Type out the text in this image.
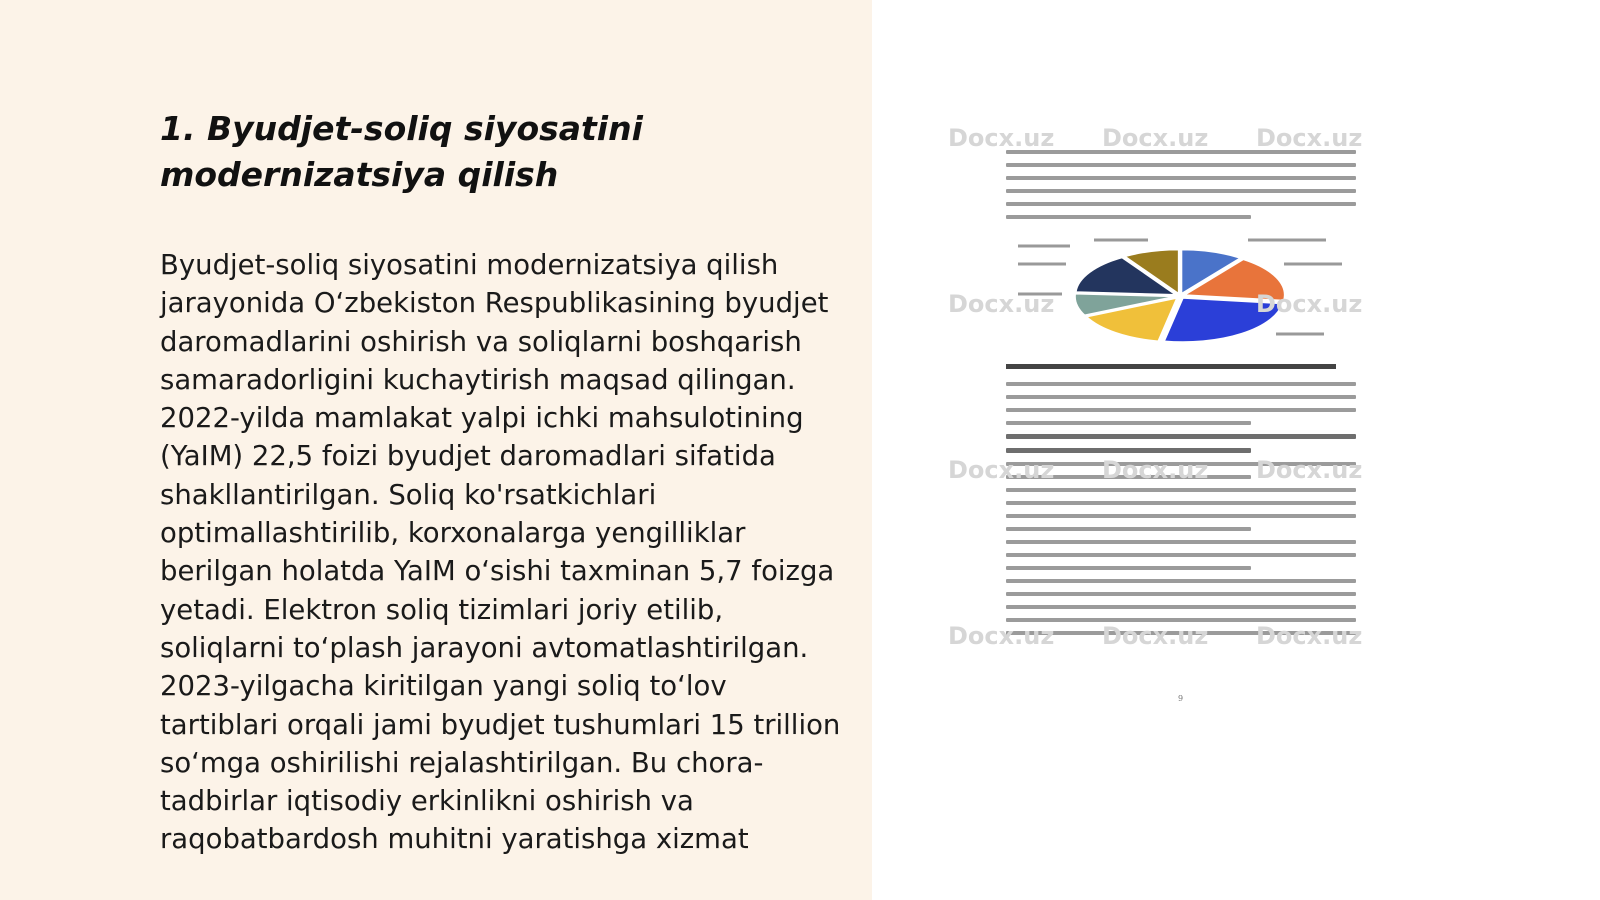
1. Byudjet-soliq siyosatini modernizatsiya qilish

Byudjet-soliq siyosatini modernizatsiya qilish jarayonida O‘zbekiston Respublikasining byudjet daromadlarini oshirish va soliqlarni boshqarish samaradorligini kuchaytirish maqsad qilingan. 2022-yilda mamlakat yalpi ichki mahsulotining (YaIM) 22,5 foizi byudjet daromadlari sifatida shakllantirilgan. Soliq ko'rsatkichlari optimallashtirilib, korxonalarga yengilliklar berilgan holatda YaIM o‘sishi taxminan 5,7 foizga yetadi. Elektron soliq tizimlari joriy etilib, soliqlarni to‘plash jarayoni avtomatlashtirilgan. 2023-yilgacha kiritilgan yangi soliq to‘lov tartiblari orqali jami byudjet tushumlari 15 trillion so‘mga oshirilishi rejalashtirilgan. Bu chora-tadbirlar iqtisodiy erkinlikni oshirish va raqobatbardosh muhitni yaratishga xizmat

9
Docx.uz Docx.uz Docx.uz
Docx.uz	Docx.uz
Docx.uz Docx.uz Docx.uz
Docx.uz Docx.uz Docx.uz
